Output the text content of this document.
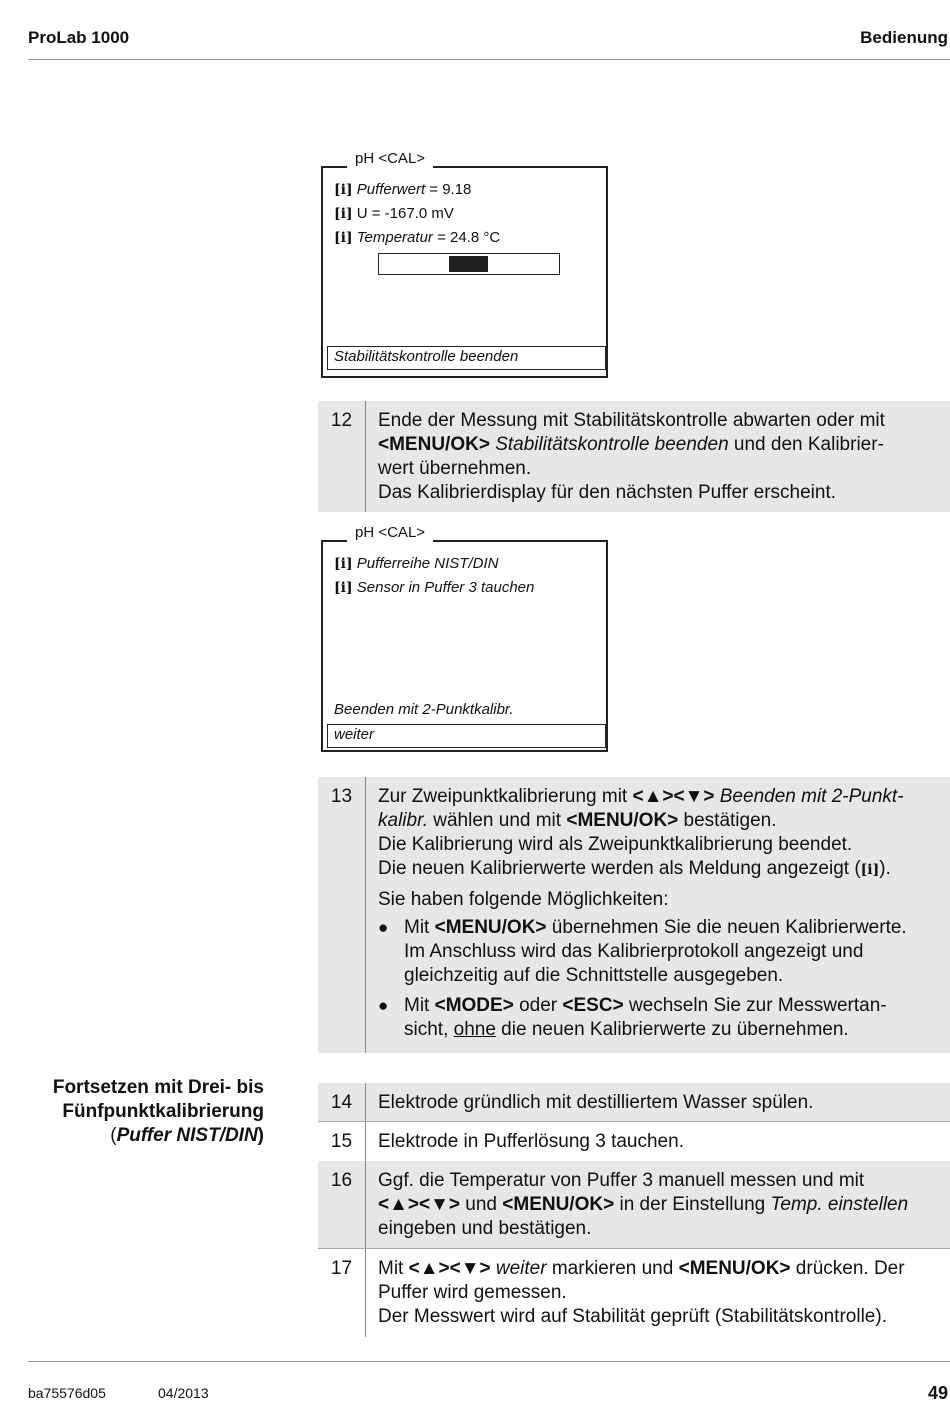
ProLab 1000	Bedienung
pH <CAL>
[i] Pufferwert = 9.18
[i] U = -167.0 mV
[i] Temperatur = 24.8 °C
Stabilitätskontrolle beenden
12	Ende der Messung mit Stabilitätskontrolle abwarten oder mit

<MENU/OK> Stabilitätskontrolle beenden und den Kalibrier-

wert übernehmen.

Das Kalibrierdisplay für den nächsten Puffer erscheint.

pH <CAL>
[i] Pufferreihe NIST/DIN
[i] Sensor in Puffer 3 tauchen
Beenden mit 2-Punktkalibr.
weiter
13	Zur Zweipunktkalibrierung mit <▲><▼> Beenden mit 2-Punkt-

kalibr. wählen und mit <MENU/OK> bestätigen.

Die Kalibrierung wird als Zweipunktkalibrierung beendet.

Die neuen Kalibrierwerte werden als Meldung angezeigt ([i]).

Sie haben folgende Möglichkeiten:

● Mit <MENU/OK> übernehmen Sie die neuen Kalibrierwerte.
Im Anschluss wird das Kalibrierprotokoll angezeigt und
gleichzeitig auf die Schnittstelle ausgegeben.
● Mit <MODE> oder <ESC> wechseln Sie zur Messwertan-
sicht, ohne die neuen Kalibrierwerte zu übernehmen.
Fortsetzen mit Drei- bis
Fünfpunktkalibrierung
(Puffer NIST/DIN)
14	Elektrode gründlich mit destilliertem Wasser spülen.
15	Elektrode in Pufferlösung 3 tauchen.
16	Ggf. die Temperatur von Puffer 3 manuell messen und mit

<▲><▼> und <MENU/OK> in der Einstellung Temp. einstellen

eingeben und bestätigen.

17	Mit <▲><▼> weiter markieren und <MENU/OK> drücken. Der

Puffer wird gemessen.

Der Messwert wird auf Stabilität geprüft (Stabilitätskontrolle).

ba75576d05	04/2013	49
